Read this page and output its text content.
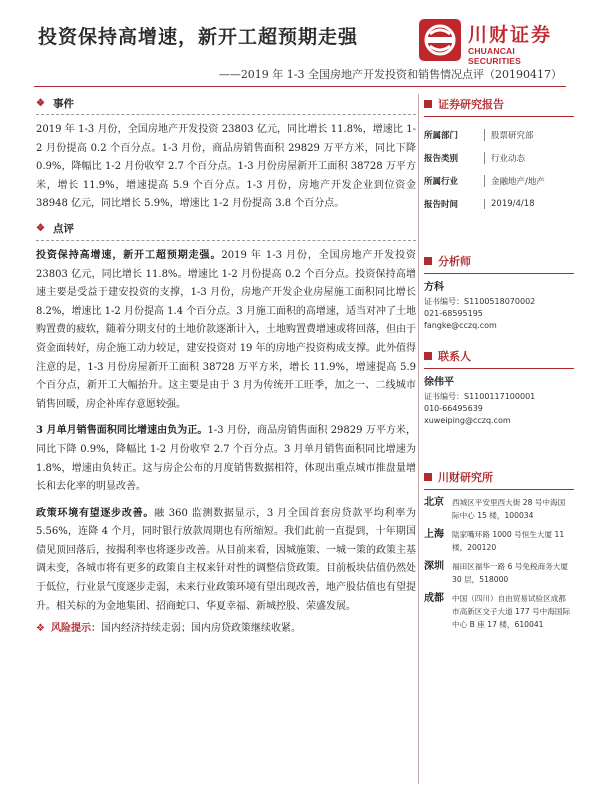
投资保持高增速，新开工超预期走强	川财证券
CHUANCAI SECURITIES
——2019 年 1-3 全国房地产开发投资和销售情况点评（20190417）
❖ 事件

2019 年 1-3 月份，全国房地产开发投资 23803 亿元，同比增长 11.8%，增速比 1-2 月份提高 0.2 个百分点。1-3 月份，商品房销售面积 29829 万平方米，同比下降 0.9%，降幅比 1-2 月份收窄 2.7 个百分点。1-3 月份房屋新开工面积 38728 万平方米，增长 11.9%，增速提高 5.9 个百分点。1-3 月份，房地产开发企业到位资金 38948 亿元，同比增长 5.9%，增速比 1-2 月份提高 3.8 个百分点。

❖ 点评

投资保持高增速，新开工超预期走强。2019 年 1-3 月份，全国房地产开发投资 23803 亿元，同比增长 11.8%。增速比 1-2 月份提高 0.2 个百分点。投资保持高增速主要是受益于建安投资的支撑，1-3 月份，房地产开发企业房屋施工面积同比增长 8.2%，增速比 1-2 月份提高 1.4 个百分点。3 月施工面积的高增速，适当对冲了土地购置费的疲软，随着分期支付的土地价款逐渐计入，土地购置费增速或将回落，但由于资金面转好，房企施工动力较足，建安投资对 19 年的房地产投资构成支撑。此外值得注意的是，1-3 月份房屋新开工面积 38728 万平方米，增长 11.9%，增速提高 5.9 个百分点，新开工大幅抬升。这主要是由于 3 月为传统开工旺季，加之一、二线城市销售回暖，房企补库存意愿较强。

3 月单月销售面积同比增速由负为正。1-3 月份，商品房销售面积 29829 万平方米，同比下降 0.9%，降幅比 1-2 月份收窄 2.7 个百分点。3 月单月销售面积同比增速为 1.8%，增速由负转正。这与房企公布的月度销售数据相符，体现出重点城市推盘量增长和去化率的明显改善。

政策环境有望逐步改善。融 360 监测数据显示，3 月全国首套房贷款平均利率为 5.56%，连降 4 个月，同时银行放款周期也有所缩短。我们此前一直提到，十年期国债见顶回落后，按揭利率也将逐步改善。从目前来看，因城施策、一城一策的政策主基调未变，各城市将有更多的政策自主权来针对性的调整信贷政策。目前板块估值仍然处于低位，行业景气度逐步走弱，未来行业政策环境有望出现改善，地产股估值也有望提升。相关标的为金地集团、招商蛇口、华夏幸福、新城控股、荣盛发展。

❖ 风险提示：国内经济持续走弱；国内房贷政策继续收紧。
证券研究报告
所属部门	股票研究部
报告类别	行业动态
所属行业	金融地产/地产
报告时间	2019/4/18
分析师
方科
证书编号：S1100518070002
021-68595195
fangke@cczq.com
联系人
徐伟平
证书编号：S1100117100001
010-66495639
xuweiping@cczq.com
川财研究所
北京	西城区平安里西大街 28 号中海国际中心 15 楼，100034
上海	陆家嘴环路 1000 号恒生大厦 11 楼，200120
深圳	福田区福华一路 6 号免税商务大厦 30 层，518000
成都	中国（四川）自由贸易试验区成都市高新区交子大道 177 号中海国际中心 B 座 17 楼，610041
